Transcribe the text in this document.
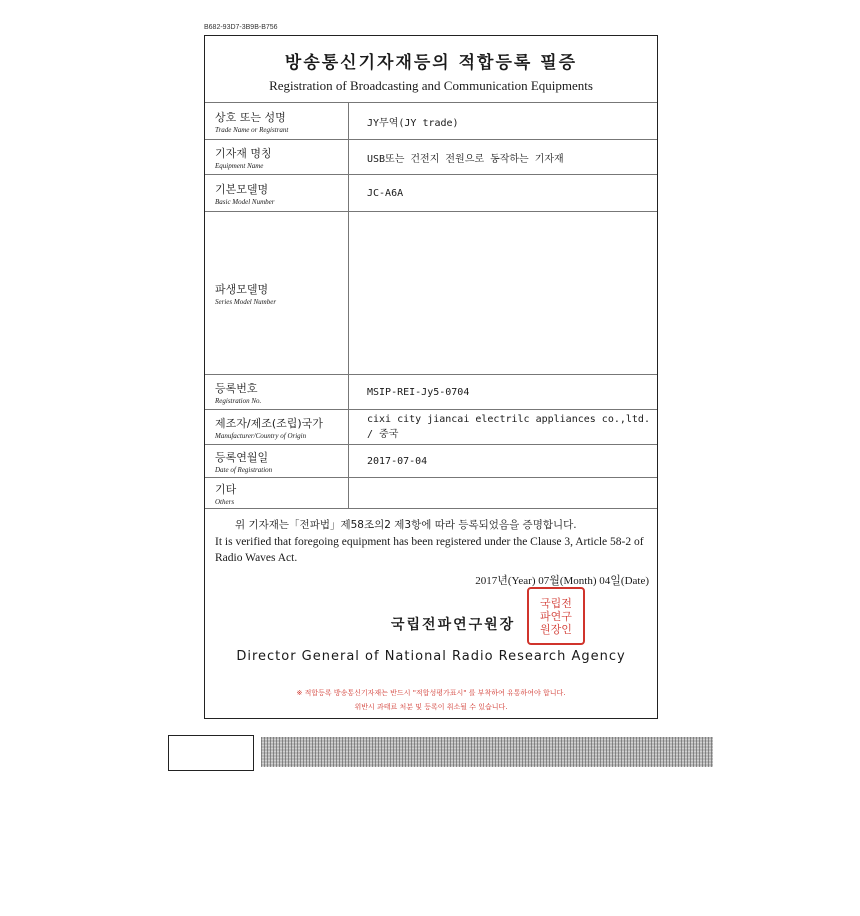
B682-93D7-3B9B-B756
방송통신기자재등의 적합등록 필증
Registration of Broadcasting and Communication Equipments
상호 또는 성명
Trade Name or Registrant	JY무역(JY trade)

기자재 명칭
Equipment Name	USB또는 건전지 전원으로 동작하는 기자재

기본모델명
Basic Model Number	JC-A6A

파생모델명
Series Model Number	

등록번호
Registration No.	MSIP-REI-Jy5-0704

제조자/제조(조립)국가
Manufacturer/Country of Origin	cixi city jiancai electrilc appliances co.,ltd. / 중국

등록연월일
Date of Registration	2017-07-04

기타
Others	

위 기자재는「전파법」제58조의2 제3항에 따라 등록되었음을 증명합니다.
It is verified that foregoing equipment has been registered under the Clause 3, Article 58-2 of Radio Waves Act.
2017년(Year) 07월(Month) 04일(Date)
국립전파연구원장
국립전
파연구
원장인
Director General of National Radio Research Agency
※ 적합등록 방송통신기자재는 반드시 "적합성평가표시" 를 부착하여 유통하여야 합니다.
위반시 과태료 처분 및 등록이 취소될 수 있습니다.
